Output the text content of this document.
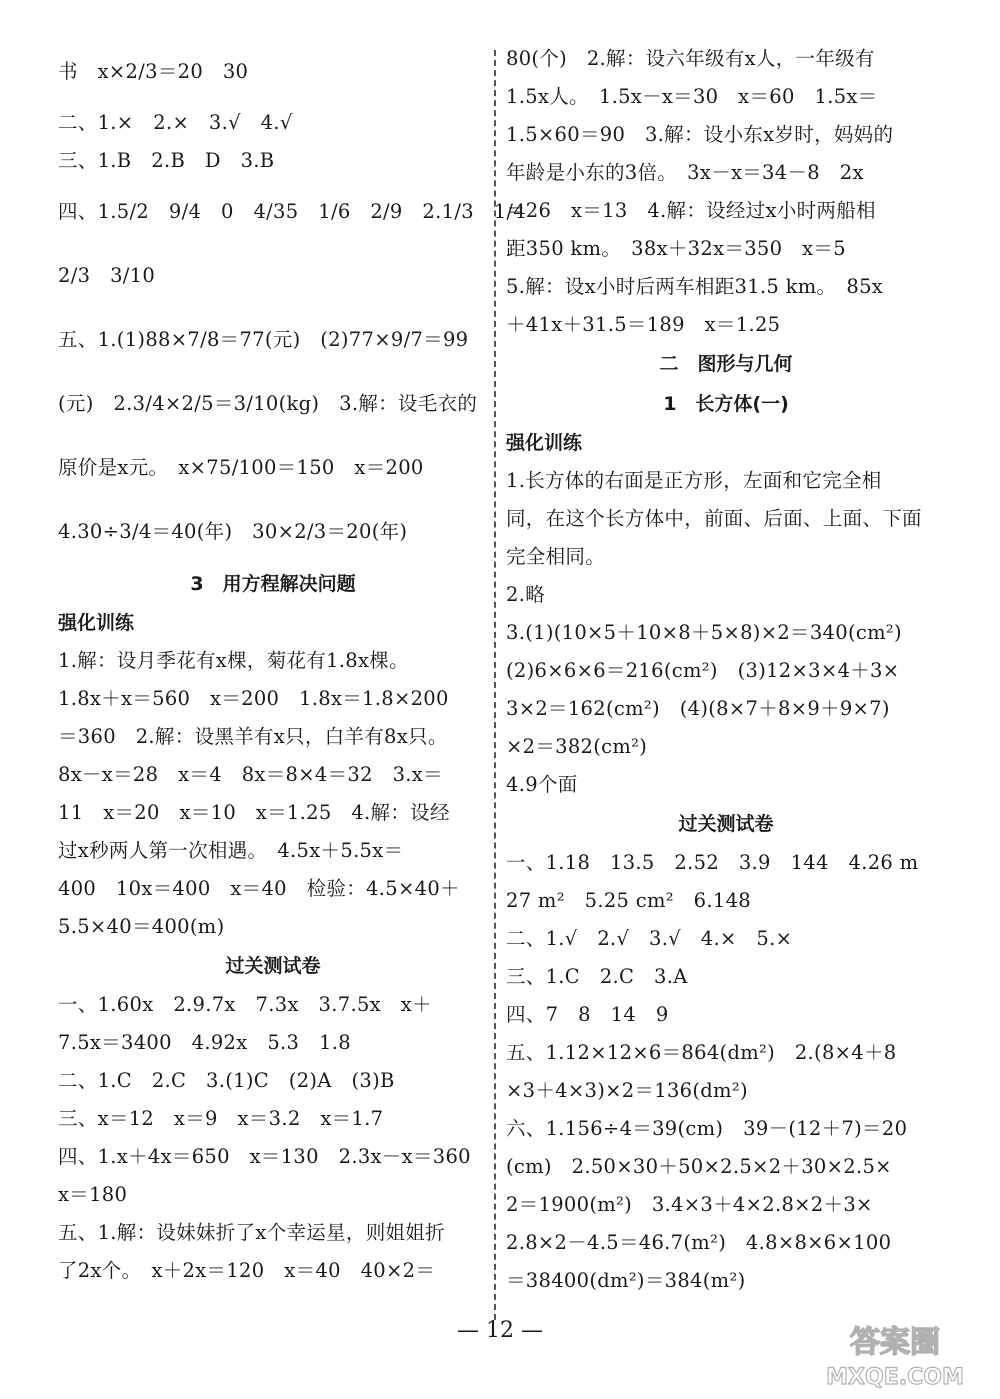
书　x×2/3＝20　30
二、1.×　2.×　3.√　4.√
三、1.B　2.B　D　3.B
四、1.5/2　9/4　0　4/35　1/6　2/9　2.1/3　1/4
2/3　3/10
五、1.(1)88×7/8＝77(元)　(2)77×9/7＝99
(元)　2.3/4×2/5＝3/10(kg)　3.解：设毛衣的
原价是x元。　x×75/100＝150　x＝200
4.30÷3/4＝40(年)　30×2/3＝20(年)
3　用方程解决问题
强化训练
1.解：设月季花有x棵，菊花有1.8x棵。
1.8x＋x＝560　x＝200　1.8x＝1.8×200
＝360　2.解：设黑羊有x只，白羊有8x只。
8x－x＝28　x＝4　8x＝8×4＝32　3.x＝
11　x＝20　x＝10　x＝1.25　4.解：设经
过x秒两人第一次相遇。　4.5x＋5.5x＝
400　10x＝400　x＝40　检验：4.5×40＋
5.5×40＝400(m)
过关测试卷
一、1.60x　2.9.7x　7.3x　3.7.5x　x＋
7.5x＝3400　4.92x　5.3　1.8
二、1.C　2.C　3.(1)C　(2)A　(3)B
三、x＝12　x＝9　x＝3.2　x＝1.7
四、1.x＋4x＝650　x＝130　2.3x－x＝360
x＝180
五、1.解：设妹妹折了x个幸运星，则姐姐折
了2x个。　x＋2x＝120　x＝40　40×2＝
80(个)　2.解：设六年级有x人，一年级有
1.5x人。　1.5x－x＝30　x＝60　1.5x＝
1.5×60＝90　3.解：设小东x岁时，妈妈的
年龄是小东的3倍。　3x－x＝34－8　2x
＝26　x＝13　4.解：设经过x小时两船相
距350 km。　38x＋32x＝350　x＝5
5.解：设x小时后两车相距31.5 km。　85x
＋41x＋31.5＝189　x＝1.25
二　图形与几何
1　长方体(一)
强化训练
1.长方体的右面是正方形，左面和它完全相
同，在这个长方体中，前面、后面、上面、下面
完全相同。
2.略
3.(1)(10×5＋10×8＋5×8)×2＝340(cm²)
(2)6×6×6＝216(cm²)　(3)12×3×4＋3×
3×2＝162(cm²)　(4)(8×7＋8×9＋9×7)
×2＝382(cm²)
4.9个面
过关测试卷
一、1.18　13.5　2.52　3.9　144　4.26 m
27 m²　5.25 cm²　6.148
二、1.√　2.√　3.√　4.×　5.×
三、1.C　2.C　3.A
四、7　8　14　9
五、1.12×12×6＝864(dm²)　2.(8×4＋8
×3＋4×3)×2＝136(dm²)
六、1.156÷4＝39(cm)　39－(12＋7)＝20
(cm)　2.50×30＋50×2.5×2＋30×2.5×
2＝1900(m²)　3.4×3＋4×2.8×2＋3×
2.8×2－4.5＝46.7(m²)　4.8×8×6×100
＝38400(dm²)＝384(m²)
— 12 —	答案圈
MXQE.COM
